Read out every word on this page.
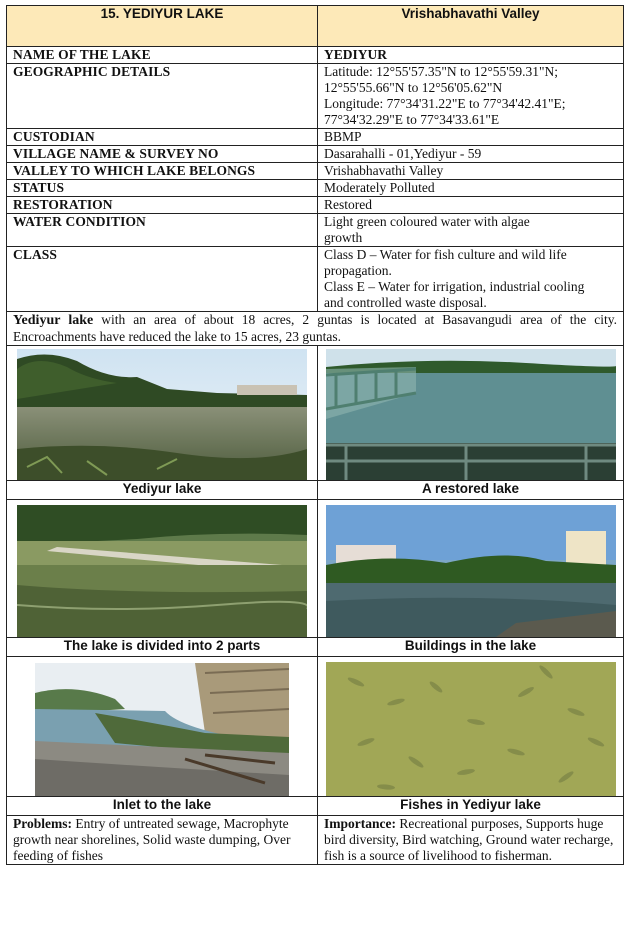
15. YEDIYUR LAKE	Vrishabhavathi Valley
NAME OF THE LAKE	YEDIYUR
GEOGRAPHIC DETAILS	Latitude: 12°55'57.35"N to 12°55'59.31"N;
12°55'55.66"N to 12°56'05.62"N
Longitude: 77°34'31.22"E to 77°34'42.41"E;
77°34'32.29"E to 77°34'33.61"E

CUSTODIAN	BBMP
VILLAGE NAME & SURVEY NO	Dasarahalli - 01,Yediyur - 59
VALLEY TO WHICH LAKE BELONGS	Vrishabhavathi Valley
STATUS	Moderately Polluted
RESTORATION	Restored
WATER CONDITION	Light green coloured water with algae
growth

CLASS	Class D – Water for fish culture and wild life
propagation.
Class E – Water for irrigation, industrial cooling
and controlled waste disposal.

Yediyur lake with an area of about 18 acres, 2 guntas is located at Basavangudi area of the city. Encroachments have reduced the lake to 15 acres, 23 guntas.	

Yediyur lake	A restored lake

The lake is divided into 2 parts	Buildings in the lake

Inlet to the lake	Fishes in Yediyur lake
Problems: Entry of untreated sewage, Macrophyte growth near shorelines, Solid waste dumping, Over feeding of fishes	Importance: Recreational purposes, Supports huge bird diversity, Bird watching, Ground water recharge, fish is a source of livelihood to fisherman.
